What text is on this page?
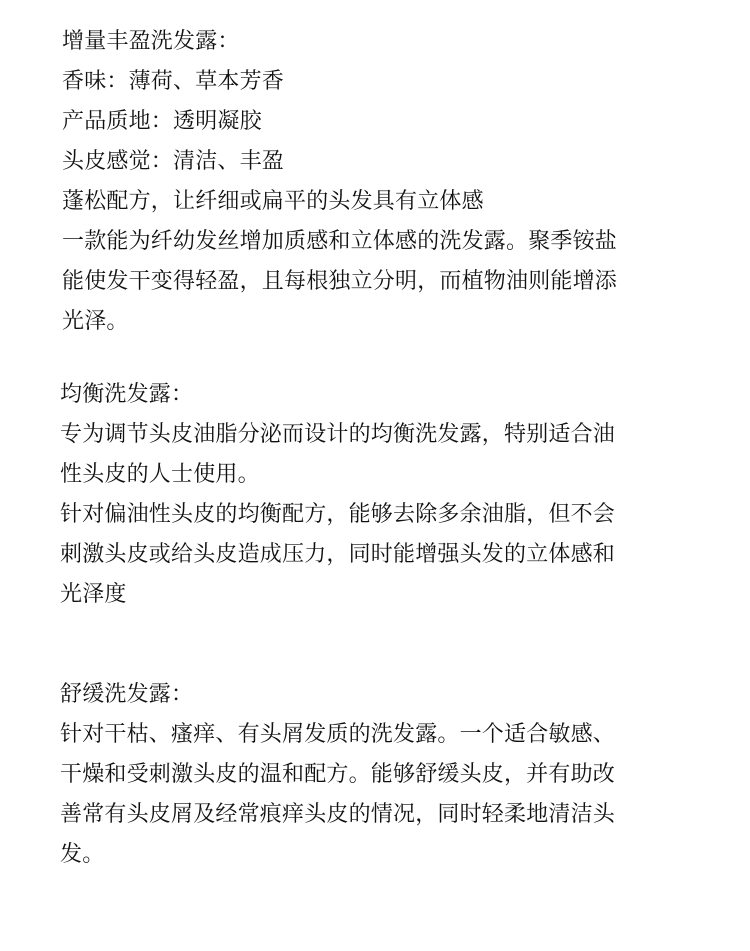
增量丰盈洗发露：
香味：薄荷、草本芳香
产品质地：透明凝胶
头皮感觉：清洁、丰盈
蓬松配方，让纤细或扁平的头发具有立体感
一款能为纤幼发丝增加质感和立体感的洗发露。聚季铵盐
能使发干变得轻盈，且每根独立分明，而植物油则能增添
光泽。
均衡洗发露：
专为调节头皮油脂分泌而设计的均衡洗发露，特别适合油
性头皮的人士使用。
针对偏油性头皮的均衡配方，能够去除多余油脂，但不会
刺激头皮或给头皮造成压力，同时能增强头发的立体感和
光泽度
舒缓洗发露：
针对干枯、瘙痒、有头屑发质的洗发露。一个适合敏感、
干燥和受刺激头皮的温和配方。能够舒缓头皮，并有助改
善常有头皮屑及经常痕痒头皮的情况，同时轻柔地清洁头
发。
